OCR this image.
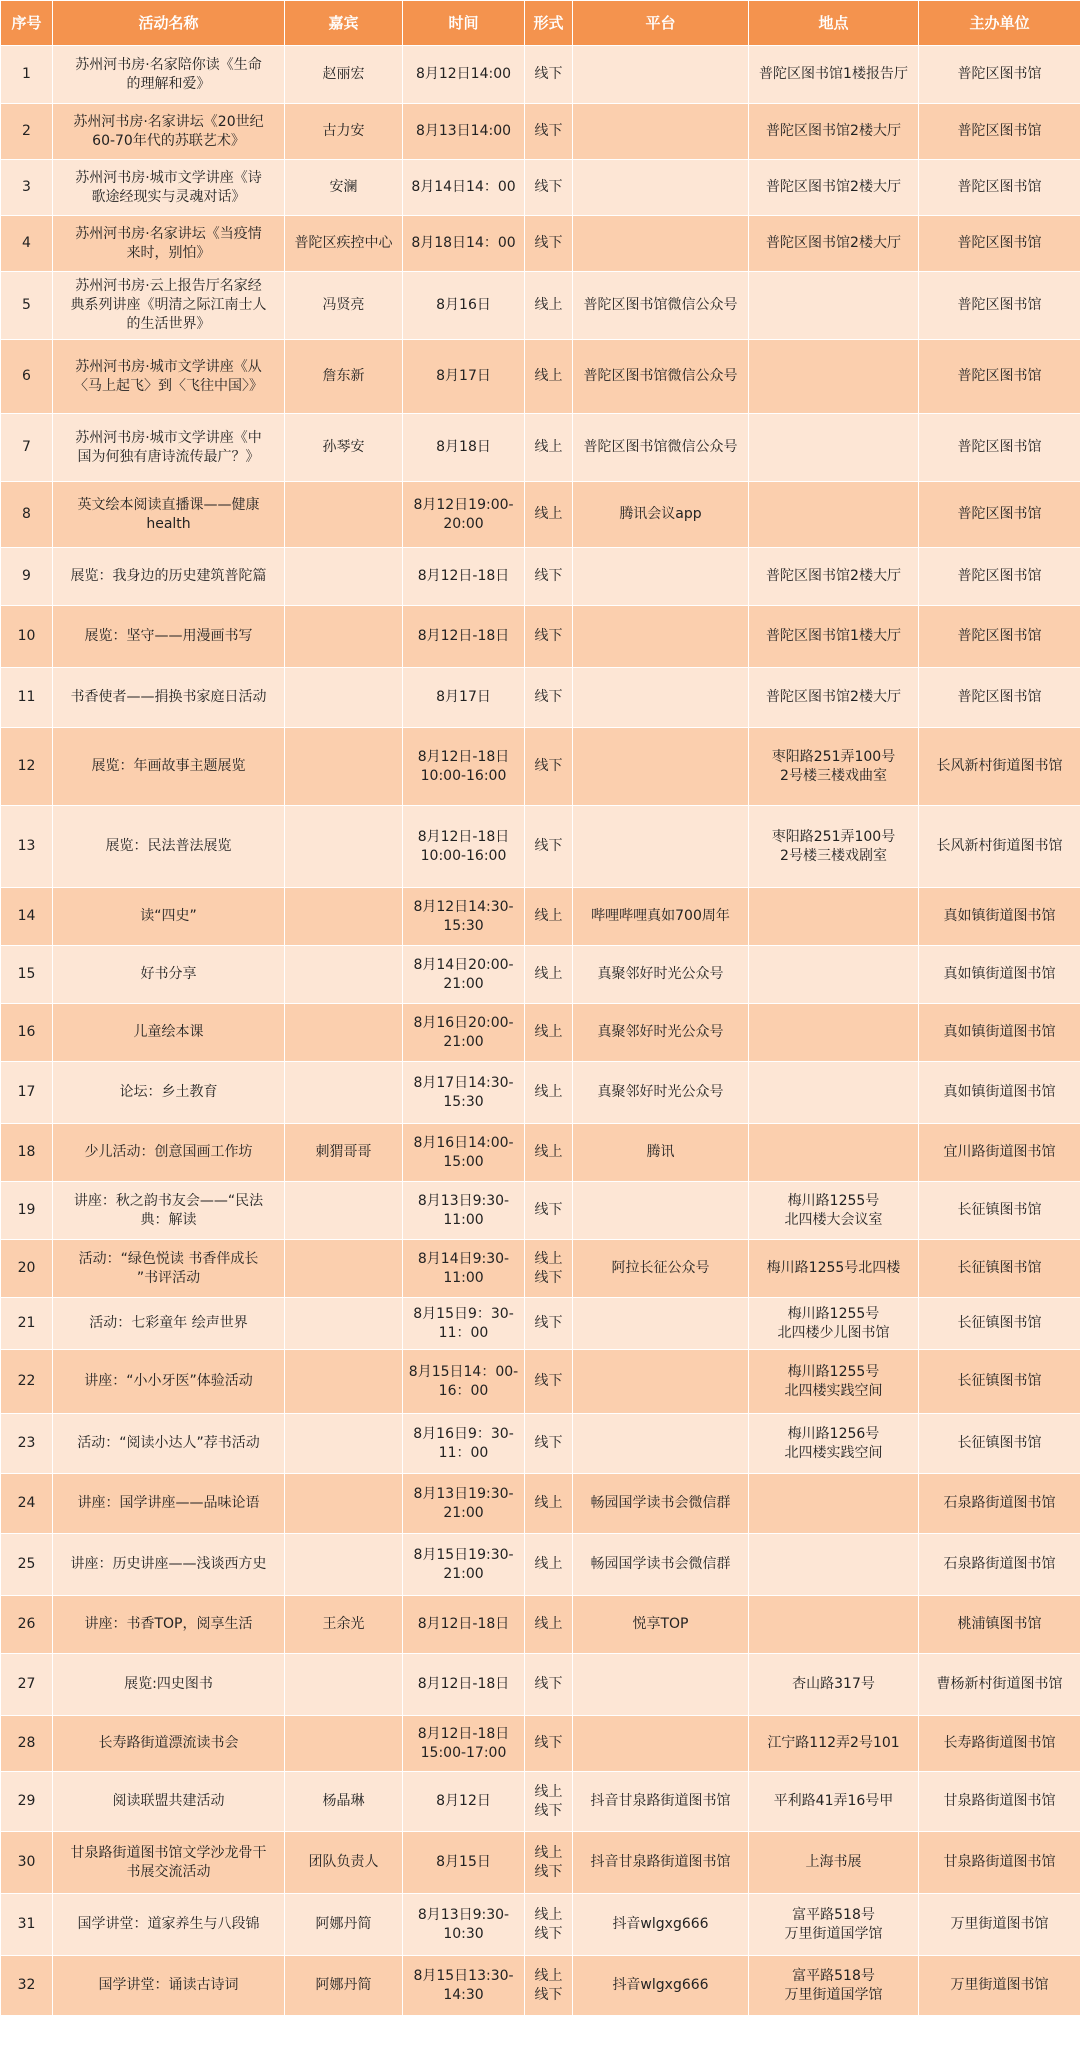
序号	活动名称	嘉宾	时间	形式	平台	地点	主办单位
1	苏州河书房·名家陪你读《生命
的理解和爱》	赵丽宏	8月12日14:00	线下		普陀区图书馆1楼报告厅	普陀区图书馆
2	苏州河书房·名家讲坛《20世纪
60-70年代的苏联艺术》	古力安	8月13日14:00	线下		普陀区图书馆2楼大厅	普陀区图书馆
3	苏州河书房·城市文学讲座《诗
歌途经现实与灵魂对话》	安澜	8月14日14：00	线下		普陀区图书馆2楼大厅	普陀区图书馆
4	苏州河书房·名家讲坛《当疫情
来时，别怕》	普陀区疾控中心	8月18日14：00	线下		普陀区图书馆2楼大厅	普陀区图书馆
5	苏州河书房·云上报告厅名家经
典系列讲座《明清之际江南士人
的生活世界》	冯贤亮	8月16日	线上	普陀区图书馆微信公众号		普陀区图书馆
6	苏州河书房·城市文学讲座《从
〈马上起飞〉到〈飞往中国〉》	詹东新	8月17日	线上	普陀区图书馆微信公众号		普陀区图书馆
7	苏州河书房·城市文学讲座《中
国为何独有唐诗流传最广？》	孙琴安	8月18日	线上	普陀区图书馆微信公众号		普陀区图书馆
8	英文绘本阅读直播课——健康
health		8月12日19:00-
20:00	线上	腾讯会议app		普陀区图书馆
9	展览：我身边的历史建筑普陀篇		8月12日-18日	线下		普陀区图书馆2楼大厅	普陀区图书馆
10	展览：坚守——用漫画书写		8月12日-18日	线下		普陀区图书馆1楼大厅	普陀区图书馆
11	书香使者——捐换书家庭日活动		8月17日	线下		普陀区图书馆2楼大厅	普陀区图书馆
12	展览：年画故事主题展览		8月12日-18日
10:00-16:00	线下		枣阳路251弄100号
2号楼三楼戏曲室	长风新村街道图书馆
13	展览：民法普法展览		8月12日-18日
10:00-16:00	线下		枣阳路251弄100号
2号楼三楼戏剧室	长风新村街道图书馆
14	读“四史”		8月12日14:30-
15:30	线上	哔哩哔哩真如700周年		真如镇街道图书馆
15	好书分享		8月14日20:00-
21:00	线上	真聚邻好时光公众号		真如镇街道图书馆
16	儿童绘本课		8月16日20:00-
21:00	线上	真聚邻好时光公众号		真如镇街道图书馆
17	论坛：乡土教育		8月17日14:30-
15:30	线上	真聚邻好时光公众号		真如镇街道图书馆
18	少儿活动：创意国画工作坊	刺猬哥哥	8月16日14:00-
15:00	线上	腾讯		宜川路街道图书馆
19	讲座：秋之韵书友会——“民法
典：解读		8月13日9:30-
11:00	线下		梅川路1255号
北四楼大会议室	长征镇图书馆
20	活动：“绿色悦读 书香伴成长
”书评活动		8月14日9:30-
11:00	线上
线下	阿拉长征公众号	梅川路1255号北四楼	长征镇图书馆
21	活动：七彩童年 绘声世界		8月15日9：30-
11：00	线下		梅川路1255号
北四楼少儿图书馆	长征镇图书馆
22	讲座：“小小牙医”体验活动		8月15日14：00-
16：00	线下		梅川路1255号
北四楼实践空间	长征镇图书馆
23	活动：“阅读小达人”荐书活动		8月16日9：30-
11：00	线下		梅川路1256号
北四楼实践空间	长征镇图书馆
24	讲座：国学讲座——品味论语		8月13日19:30-
21:00	线上	畅园国学读书会微信群		石泉路街道图书馆
25	讲座：历史讲座——浅谈西方史		8月15日19:30-
21:00	线上	畅园国学读书会微信群		石泉路街道图书馆
26	讲座：书香TOP，阅享生活	王余光	8月12日-18日	线上	悦享TOP		桃浦镇图书馆
27	展览:四史图书		8月12日-18日	线下		杏山路317号	曹杨新村街道图书馆
28	长寿路街道漂流读书会		8月12日-18日
15:00-17:00	线下		江宁路112弄2号101	长寿路街道图书馆
29	阅读联盟共建活动	杨晶琳	8月12日	线上
线下	抖音甘泉路街道图书馆	平利路41弄16号甲	甘泉路街道图书馆
30	甘泉路街道图书馆文学沙龙骨干
书展交流活动	团队负责人	8月15日	线上
线下	抖音甘泉路街道图书馆	上海书展	甘泉路街道图书馆
31	国学讲堂：道家养生与八段锦	阿娜丹简	8月13日9:30-
10:30	线上
线下	抖音wlgxg666	富平路518号
万里街道国学馆	万里街道图书馆
32	国学讲堂：诵读古诗词	阿娜丹简	8月15日13:30-
14:30	线上
线下	抖音wlgxg666	富平路518号
万里街道国学馆	万里街道图书馆
